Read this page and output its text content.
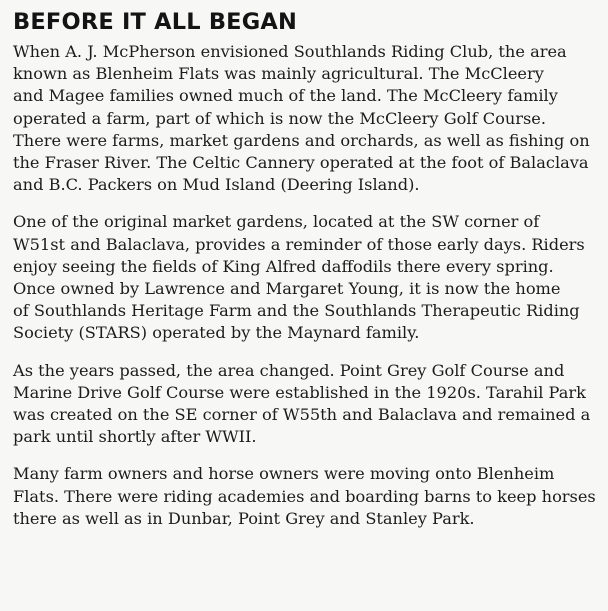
BEFORE IT ALL BEGAN

When A. J. McPherson envisioned Southlands Riding Club, the area
known as Blenheim Flats was mainly agricultural. The McCleery
and Magee families owned much of the land. The McCleery family
operated a farm, part of which is now the McCleery Golf Course.
There were farms, market gardens and orchards, as well as fishing on
the Fraser River. The Celtic Cannery operated at the foot of Balaclava
and B.C. Packers on Mud Island (Deering Island).

One of the original market gardens, located at the SW corner of
W51st and Balaclava, provides a reminder of those early days. Riders
enjoy seeing the fields of King Alfred daffodils there every spring.
Once owned by Lawrence and Margaret Young, it is now the home
of Southlands Heritage Farm and the Southlands Therapeutic Riding
Society (STARS) operated by the Maynard family.

As the years passed, the area changed. Point Grey Golf Course and
Marine Drive Golf Course were established in the 1920s. Tarahil Park
was created on the SE corner of W55th and Balaclava and remained a
park until shortly after WWII.

Many farm owners and horse owners were moving onto Blenheim
Flats. There were riding academies and boarding barns to keep horses
there as well as in Dunbar, Point Grey and Stanley Park.
